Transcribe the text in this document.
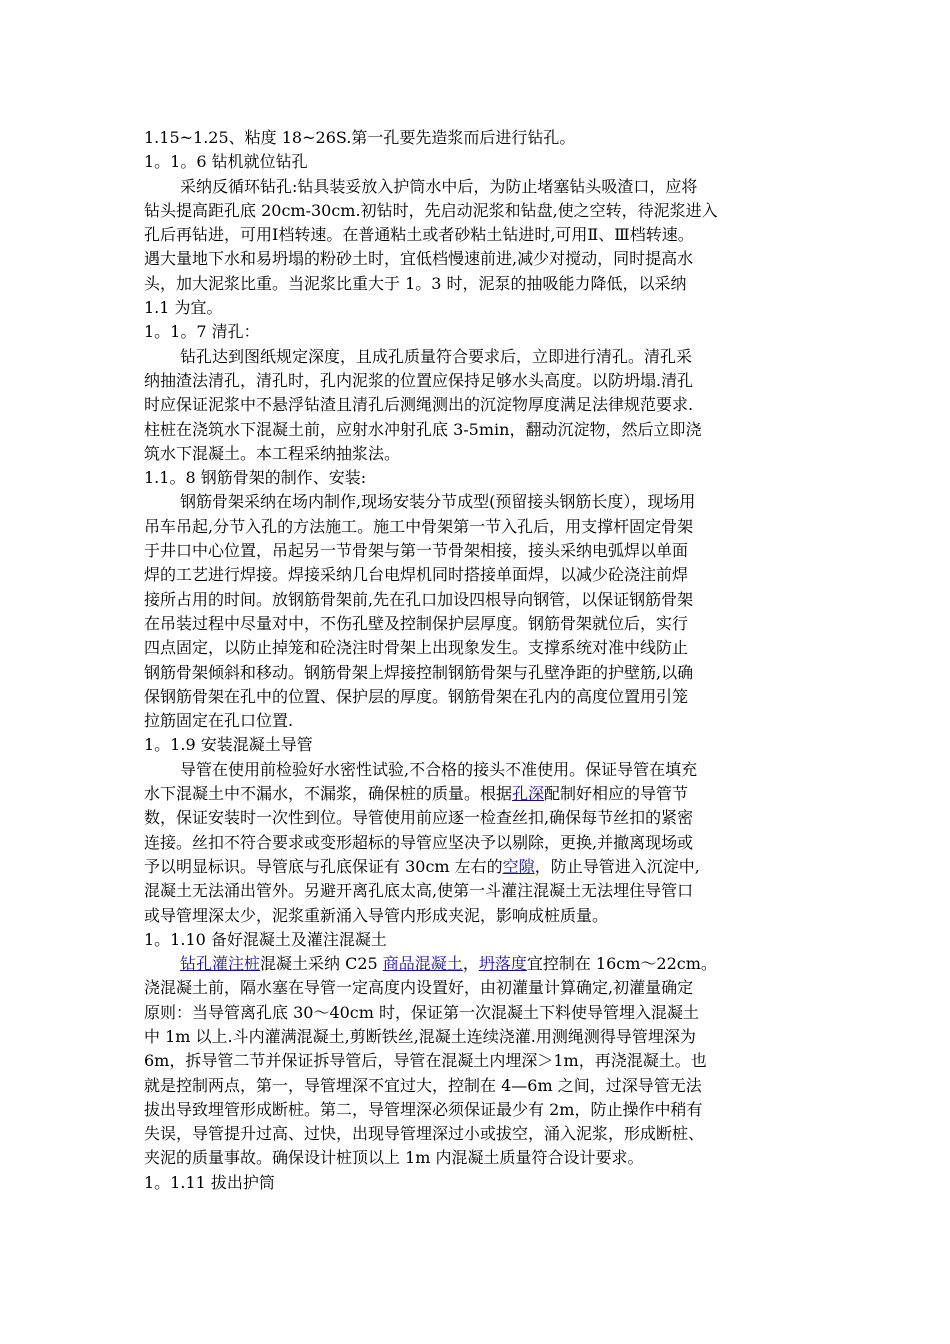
1.15~1.25、粘度 18~26S.第一孔要先造浆而后进行钻孔。
1。1。6 钻机就位钻孔
采纳反循环钻孔:钻具装妥放入护筒水中后，为防止堵塞钻头吸渣口，应将
钻头提高距孔底 20cm-30cm.初钻时，先启动泥浆和钻盘,使之空转，待泥浆进入
孔后再钻进，可用Ⅰ档转速。在普通粘土或者砂粘土钻进时,可用Ⅱ、Ⅲ档转速。
遇大量地下水和易坍塌的粉砂土时，宜低档慢速前进,减少对搅动，同时提高水
头，加大泥浆比重。当泥浆比重大于 1。3 时，泥泵的抽吸能力降低，以采纳
1.1 为宜。
1。1。7 清孔：
钻孔达到图纸规定深度，且成孔质量符合要求后，立即进行清孔。清孔采
纳抽渣法清孔，清孔时，孔内泥浆的位置应保持足够水头高度。以防坍塌.清孔
时应保证泥浆中不悬浮钻渣且清孔后测绳测出的沉淀物厚度满足法律规范要求.
柱桩在浇筑水下混凝土前，应射水冲射孔底 3-5min，翻动沉淀物，然后立即浇
筑水下混凝土。本工程采纳抽浆法。
1.1。8 钢筋骨架的制作、安装:
钢筋骨架采纳在场内制作,现场安装分节成型(预留接头钢筋长度），现场用
吊车吊起,分节入孔的方法施工。施工中骨架第一节入孔后，用支撑杆固定骨架
于井口中心位置，吊起另一节骨架与第一节骨架相接，接头采纳电弧焊以单面
焊的工艺进行焊接。焊接采纳几台电焊机同时搭接单面焊，以减少砼浇注前焊
接所占用的时间。放钢筋骨架前,先在孔口加设四根导向钢管，以保证钢筋骨架
在吊装过程中尽量对中，不伤孔壁及控制保护层厚度。钢筋骨架就位后，实行
四点固定，以防止掉笼和砼浇注时骨架上出现象发生。支撑系统对准中线防止
钢筋骨架倾斜和移动。钢筋骨架上焊接控制钢筋骨架与孔壁净距的护壁筋,以确
保钢筋骨架在孔中的位置、保护层的厚度。钢筋骨架在孔内的高度位置用引笼
拉筋固定在孔口位置.
1。1.9 安装混凝土导管
导管在使用前检验好水密性试验,不合格的接头不准使用。保证导管在填充
水下混凝土中不漏水，不漏浆，确保桩的质量。根据孔深配制好相应的导管节
数，保证安装时一次性到位。导管使用前应逐一检查丝扣,确保每节丝扣的紧密
连接。丝扣不符合要求或变形超标的导管应坚决予以剔除，更换,并撤离现场或
予以明显标识。导管底与孔底保证有 30cm 左右的空隙，防止导管进入沉淀中,
混凝土无法涌出管外。另避开离孔底太高,使第一斗灌注混凝土无法埋住导管口
或导管埋深太少，泥浆重新涌入导管内形成夹泥，影响成桩质量。
1。1.10 备好混凝土及灌注混凝土
钻孔灌注桩混凝土采纳 C25 商品混凝土，坍落度宜控制在 16cm～22cm。
浇混凝土前，隔水塞在导管一定高度内设置好，由初灌量计算确定,初灌量确定
原则：当导管离孔底 30～40cm 时，保证第一次混凝土下料使导管埋入混凝土
中 1m 以上.斗内灌满混凝土,剪断铁丝,混凝土连续浇灌.用测绳测得导管埋深为
6m，拆导管二节并保证拆导管后，导管在混凝土内埋深＞1m，再浇混凝土。也
就是控制两点，第一，导管埋深不宜过大，控制在 4—6m 之间，过深导管无法
拔出导致埋管形成断桩。第二，导管埋深必须保证最少有 2m，防止操作中稍有
失误，导管提升过高、过快，出现导管埋深过小或拔空，涌入泥浆，形成断桩、
夹泥的质量事故。确保设计桩顶以上 1m 内混凝土质量符合设计要求。
1。1.11 拔出护筒
